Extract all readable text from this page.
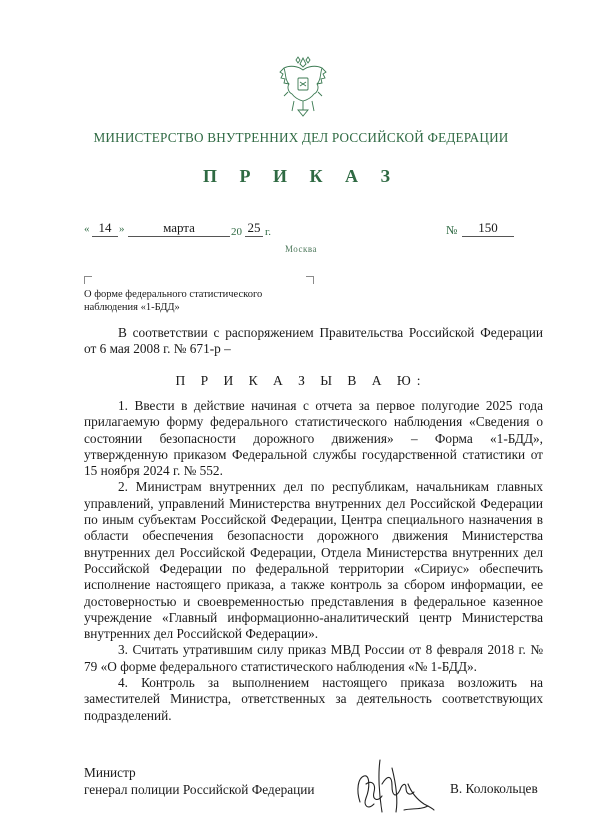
МИНИСТЕРСТВО ВНУТРЕННИХ ДЕЛ РОССИЙСКОЙ ФЕДЕРАЦИИ
П Р И К А З
« 14 »	марта	20 25 г.	№	150
Москва
О форме федерального статистического наблюдения «1-БДД»

В соответствии с распоряжением Правительства Российской Федерации от 6 мая 2008 г. № 671-р –

П Р И К А З Ы В А Ю:

1. Ввести в действие начиная с отчета за первое полугодие 2025 года прилагаемую форму федерального статистического наблюдения «Сведения о состоянии безопасности дорожного движения» – Форма «1-БДД», утвержденную приказом Федеральной службы государственной статистики от 15 ноября 2024 г. № 552.

2. Министрам внутренних дел по республикам, начальникам главных управлений, управлений Министерства внутренних дел Российской Федерации по иным субъектам Российской Федерации, Центра специального назначения в области обеспечения безопасности дорожного движения Министерства внутренних дел Российской Федерации, Отдела Министерства внутренних дел Российской Федерации по федеральной территории «Сириус» обеспечить исполнение настоящего приказа, а также контроль за сбором информации, ее достоверностью и своевременностью представления в федеральное казенное учреждение «Главный информационно-аналитический центр Министерства внутренних дел Российской Федерации».

3. Считать утратившим силу приказ МВД России от 8 февраля 2018 г. № 79 «О форме федерального статистического наблюдения «№ 1-БДД».

4. Контроль за выполнением настоящего приказа возложить на заместителей Министра, ответственных за деятельность соответствующих подразделений.

Министр
генерал полиции Российской Федерации	В. Колокольцев
